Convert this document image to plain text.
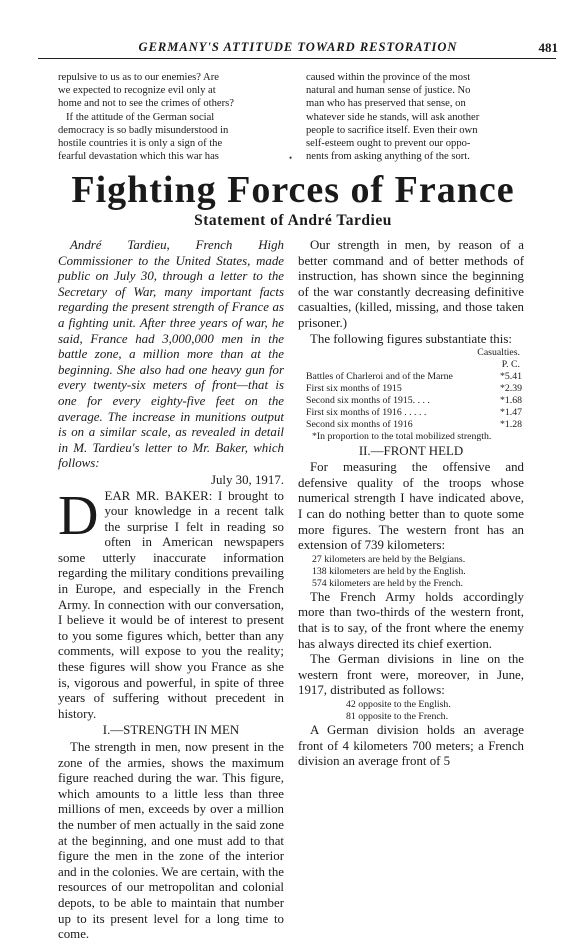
GERMANY'S ATTITUDE TOWARD RESTORATION	481

repulsive to us as to our enemies? Are

we expected to recognize evil only at

home and not to see the crimes of others?

If the attitude of the German social

democracy is so badly misunderstood in

hostile countries it is only a sign of the

fearful devastation which this war has

caused within the province of the most

natural and human sense of justice. No

man who has preserved that sense, on

whatever side he stands, will ask another

people to sacrifice itself. Even their own

self-esteem ought to prevent our oppo-

nents from asking anything of the sort.

•
Fighting Forces of France
Statement of André Tardieu

André Tardieu, French High Commissioner to the United States, made public on July 30, through a letter to the Secretary of War, many important facts regarding the present strength of France as a fighting unit. After three years of war, he said, France had 3,000,000 men in the battle zone, a million more than at the beginning. She also had one heavy gun for every twenty-six meters of front—that is one for every eighty-five feet on the average. The increase in munitions output is on a similar scale, as revealed in detail in M. Tardieu's letter to Mr. Baker, which follows:

July 30, 1917.

DEAR MR. BAKER: I brought to your knowledge in a recent talk the surprise I felt in reading so often in American newspapers some utterly inaccurate information regarding the military conditions prevailing in Europe, and especially in the French Army. In connection with our conversation, I believe it would be of interest to present to you some figures which, better than any comments, will expose to you the reality; these figures will show you France as she is, vigorous and powerful, in spite of three years of suffering without precedent in history.

I.—STRENGTH IN MEN

The strength in men, now present in the zone of the armies, shows the maximum figure reached during the war. This figure, which amounts to a little less than three millions of men, exceeds by over a million the number of men actually in the said zone at the beginning, and one must add to that figure the men in the zone of the interior and in the colonies. We are certain, with the resources of our metropolitan and colonial depots, to be able to maintain that number up to its present level for a long time to come.

Our strength in men, by reason of a better command and of better methods of instruction, has shown since the beginning of the war constantly decreasing definitive casualties, (killed, missing, and those taken prisoner.)

The following figures substantiate this:

Casualties.
P. C.
Battles of Charleroi and of the Marne	*5.41
First six months of 1915	*2.39
Second six months of 1915. . . .	*1.68
First six months of 1916 . . . . .	*1.47
Second six months of 1916	*1.28

*In proportion to the total mobilized strength.

II.—FRONT HELD

For measuring the offensive and defensive quality of the troops whose numerical strength I have indicated above, I can do nothing better than to quote some more figures. The western front has an extension of 739 kilometers:

27 kilometers are held by the Belgians.
138 kilometers are held by the English.
574 kilometers are held by the French.

The French Army holds accordingly more than two-thirds of the western front, that is to say, of the front where the enemy has always directed its chief exertion.

The German divisions in line on the western front were, moreover, in June, 1917, distributed as follows:

42 opposite to the English.
81 opposite to the French.

A German division holds an average front of 4 kilometers 700 meters; a French division an average front of 5
